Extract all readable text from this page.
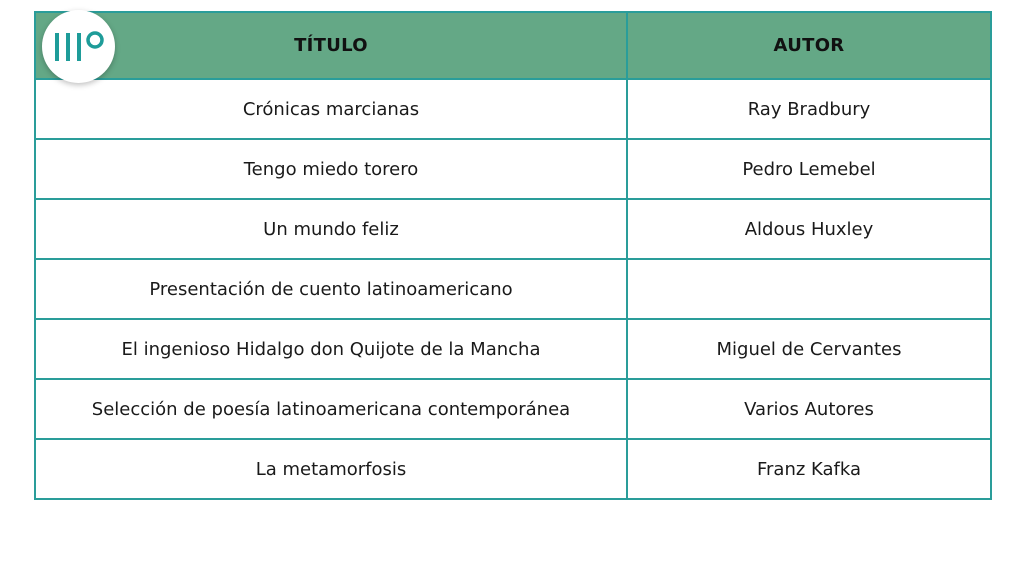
TÍTULO	AUTOR
Crónicas marcianas	Ray Bradbury
Tengo miedo torero	Pedro Lemebel
Un mundo feliz	Aldous Huxley
Presentación de cuento latinoamericano	
El ingenioso Hidalgo don Quijote de la Mancha	Miguel de Cervantes
Selección de poesía latinoamericana contemporánea	Varios Autores
La metamorfosis	Franz Kafka
